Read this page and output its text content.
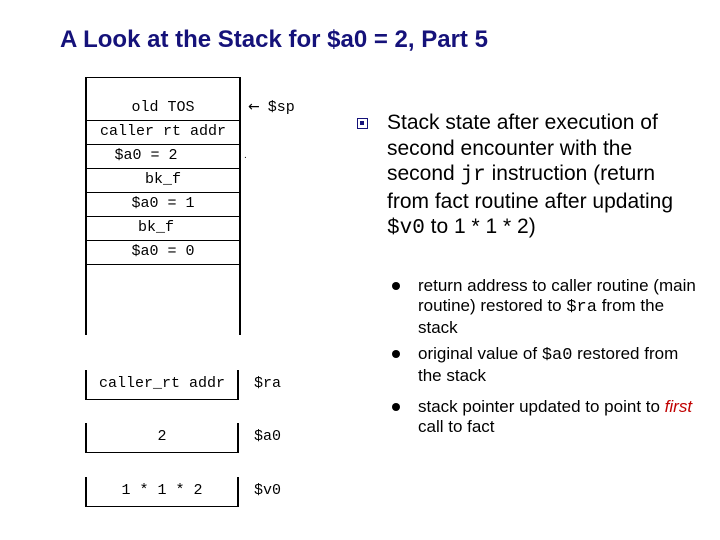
A Look at the Stack for $a0 = 2, Part 5
old TOS
caller rt addr
$a0 = 2
bk_f
$a0 = 1
bk_f
$a0 = 0
← $sp
.
caller_rt addr	$ra
2	$a0
1 * 1 * 2	$v0
Stack state after execution of second encounter with the second jr instruction (return from fact routine after updating $v0 to 1 * 1 * 2)
return address to caller routine (main routine) restored to $ra from the stack
original value of $a0 restored from the stack
stack pointer updated to point to first call to fact
